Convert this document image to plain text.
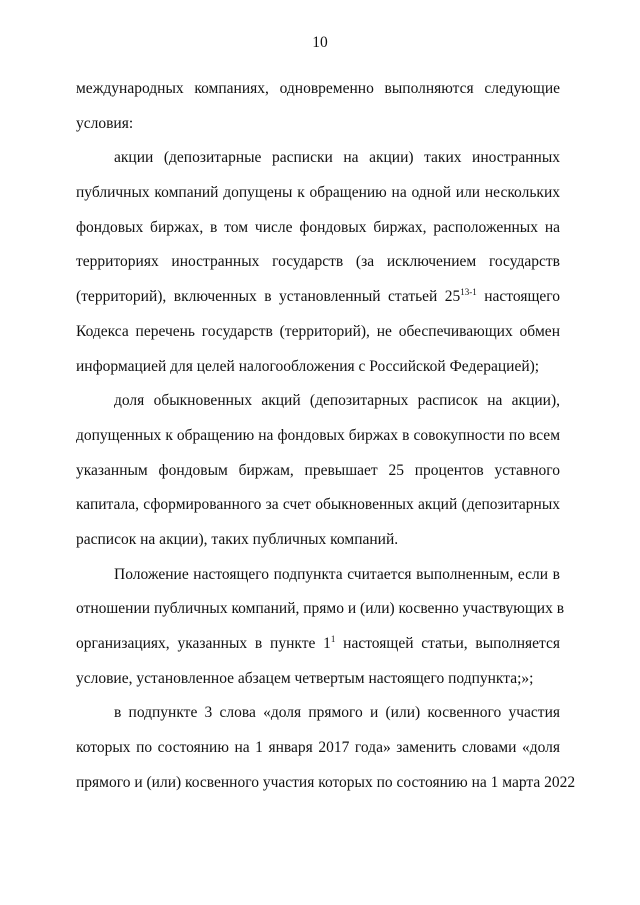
10
международных компаниях, одновременно выполняются следующие
условия:
акции (депозитарные расписки на акции) таких иностранных
публичных компаний допущены к обращению на одной или нескольких
фондовых биржах, в том числе фондовых биржах, расположенных на
территориях иностранных государств (за исключением государств
(территорий), включенных в установленный статьей 25$^{13-1}$ настоящего
Кодекса перечень государств (территорий), не обеспечивающих обмен
информацией для целей налогообложения с Российской Федерацией);
доля обыкновенных акций (депозитарных расписок на акции),
допущенных к обращению на фондовых биржах в совокупности по всем
указанным фондовым биржам, превышает 25 процентов уставного
капитала, сформированного за счет обыкновенных акций (депозитарных
расписок на акции), таких публичных компаний.
Положение настоящего подпункта считается выполненным, если в
отношении публичных компаний, прямо и (или) косвенно участвующих в
организациях, указанных в пункте $1^1$ настоящей статьи, выполняется
условие, установленное абзацем четвертым настоящего подпункта;»;
в подпункте 3 слова «доля прямого и (или) косвенного участия
которых по состоянию на 1 января 2017 года» заменить словами «доля
прямого и (или) косвенного участия которых по состоянию на 1 марта 2022
